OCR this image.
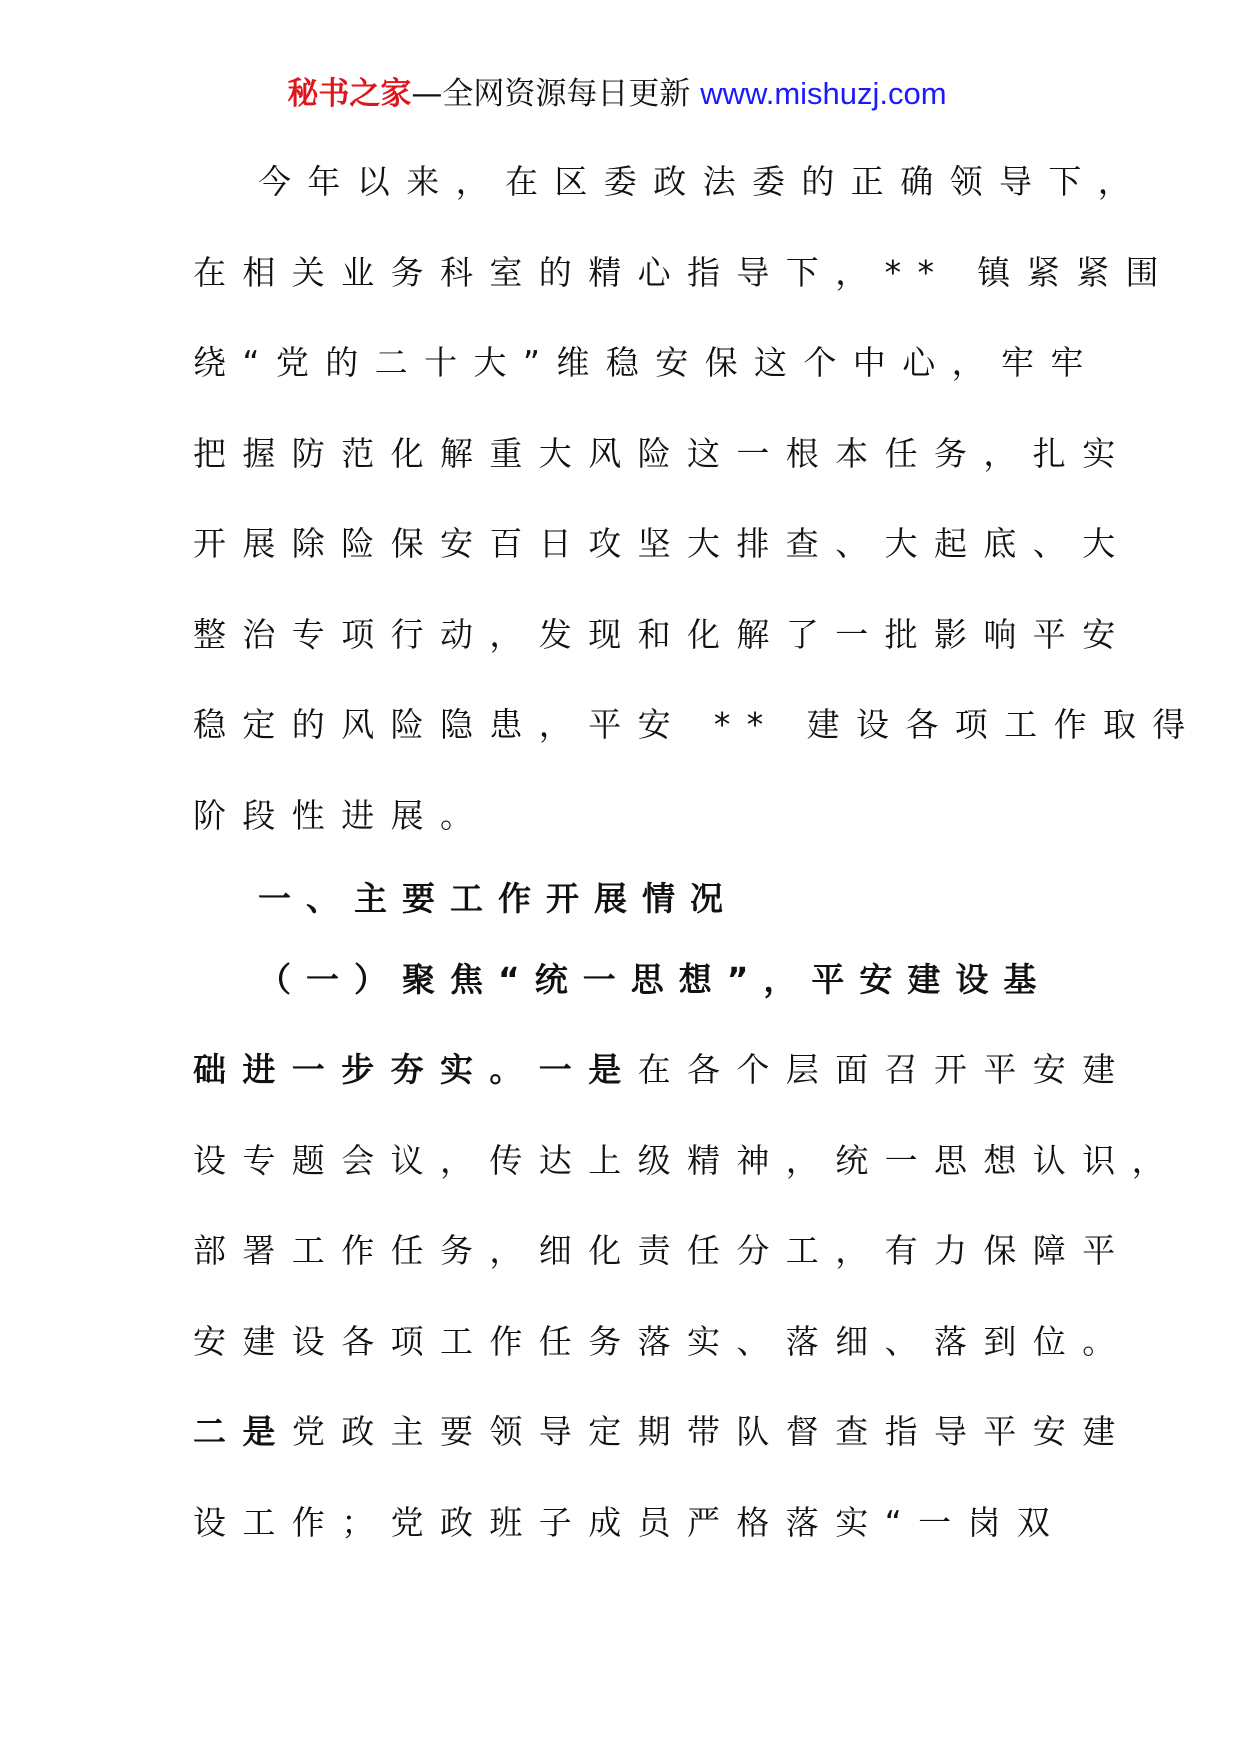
秘书之家—全网资源每日更新 www.mishuzj.com
今年以来，在区委政法委的正确领导下，
在相关业务科室的精心指导下，** 镇紧紧围
绕“党的二十大”维稳安保这个中心，牢牢
把握防范化解重大风险这一根本任务，扎实
开展除险保安百日攻坚大排查、大起底、大
整治专项行动，发现和化解了一批影响平安
稳定的风险隐患，平安 ** 建设各项工作取得
阶段性进展。
一、主要工作开展情况
（一）聚焦“统一思想”，平安建设基
础进一步夯实。一是在各个层面召开平安建
设专题会议，传达上级精神，统一思想认识，
部署工作任务，细化责任分工，有力保障平
安建设各项工作任务落实、落细、落到位。
二是党政主要领导定期带队督查指导平安建
设工作；党政班子成员严格落实“一岗双
